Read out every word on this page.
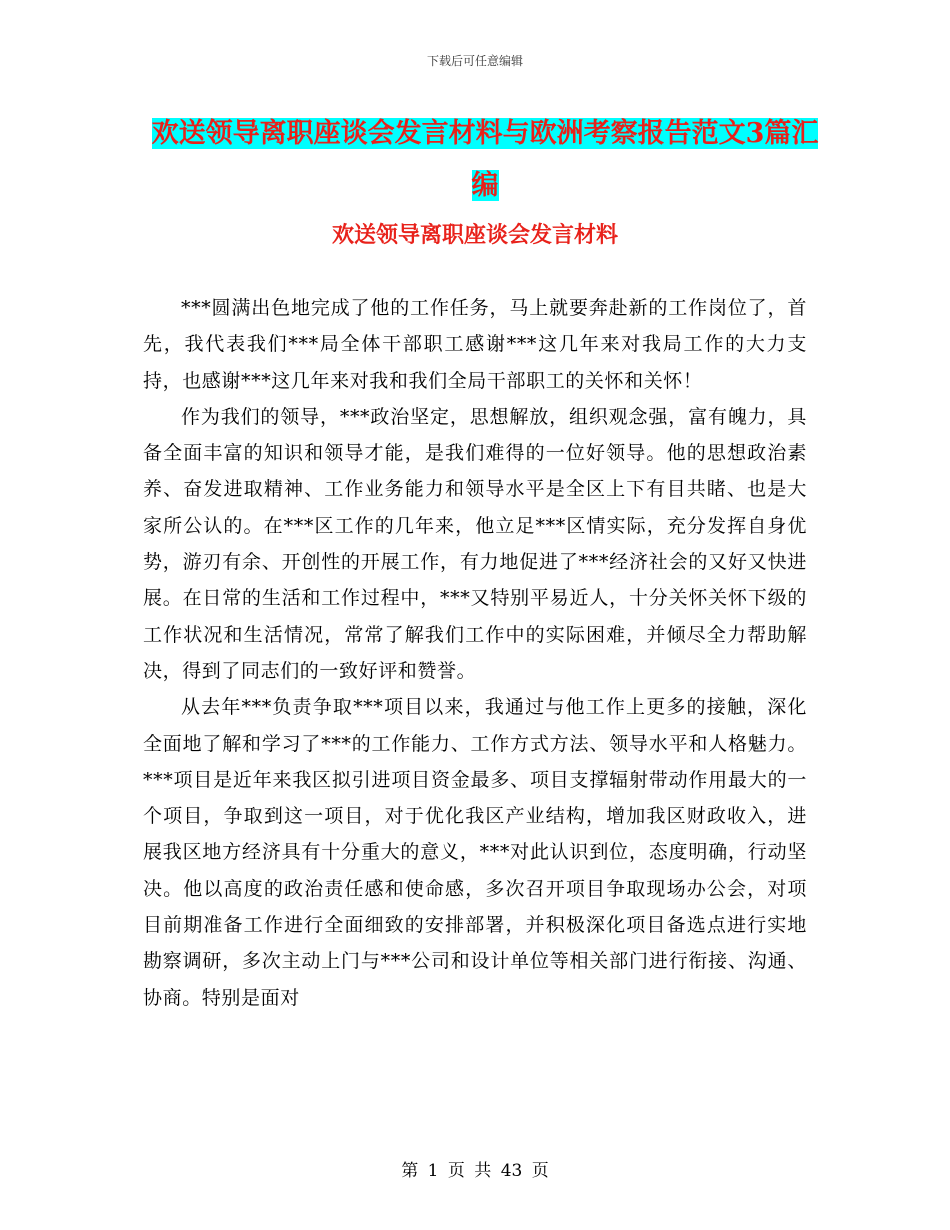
下载后可任意编辑
欢送领导离职座谈会发言材料与欧洲考察报告范文3篇汇编
欢送领导离职座谈会发言材料

***圆满出色地完成了他的工作任务，马上就要奔赴新的工作岗位了，首先，我代表我们***局全体干部职工感谢***这几年来对我局工作的大力支持，也感谢***这几年来对我和我们全局干部职工的关怀和关怀！

作为我们的领导，***政治坚定，思想解放，组织观念强，富有魄力，具备全面丰富的知识和领导才能，是我们难得的一位好领导。他的思想政治素养、奋发进取精神、工作业务能力和领导水平是全区上下有目共睹、也是大家所公认的。在***区工作的几年来，他立足***区情实际，充分发挥自身优势，游刃有余、开创性的开展工作，有力地促进了***经济社会的又好又快进展。在日常的生活和工作过程中，***又特别平易近人，十分关怀关怀下级的工作状况和生活情况，常常了解我们工作中的实际困难，并倾尽全力帮助解决，得到了同志们的一致好评和赞誉。

从去年***负责争取***项目以来，我通过与他工作上更多的接触，深化全面地了解和学习了***的工作能力、工作方式方法、领导水平和人格魅力。***项目是近年来我区拟引进项目资金最多、项目支撑辐射带动作用最大的一个项目，争取到这一项目，对于优化我区产业结构，增加我区财政收入，进展我区地方经济具有十分重大的意义，***对此认识到位，态度明确，行动坚决。他以高度的政治责任感和使命感，多次召开项目争取现场办公会，对项目前期准备工作进行全面细致的安排部署，并积极深化项目备选点进行实地勘察调研，多次主动上门与***公司和设计单位等相关部门进行衔接、沟通、协商。特别是面对

第 1 页 共 43 页
